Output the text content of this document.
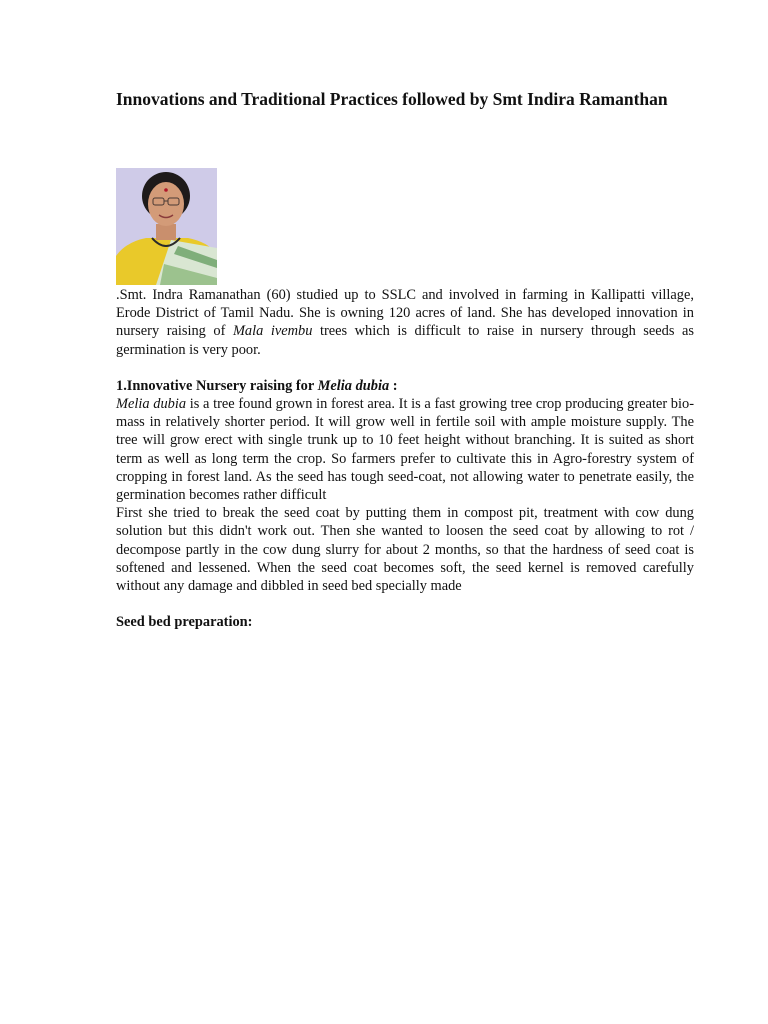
Innovations and Traditional Practices followed by Smt Indira Ramanthan

.Smt. Indra Ramanathan (60) studied up to SSLC and involved in farming in Kallipatti village, Erode District of Tamil Nadu. She is owning 120 acres of land. She has developed innovation in nursery raising of Mala ivembu trees which is difficult to raise in nursery through seeds as germination is very poor.

1.Innovative Nursery raising for Melia dubia :

Melia dubia is a tree found grown in forest area. It is a fast growing tree crop producing greater bio-mass in relatively shorter period. It will grow well in fertile soil with ample moisture supply. The tree will grow erect with single trunk up to 10 feet height without branching. It is suited as short term as well as long term the crop. So farmers prefer to cultivate this in Agro-forestry system of cropping in forest land. As the seed has tough seed-coat, not allowing water to penetrate easily, the germination becomes rather difficult

First she tried to break the seed coat by putting them in compost pit, treatment with cow dung solution but this didn't work out. Then she wanted to loosen the seed coat by allowing to rot / decompose partly in the cow dung slurry for about 2 months, so that the hardness of seed coat is softened and lessened. When the seed coat becomes soft, the seed kernel is removed carefully without any damage and dibbled in seed bed specially made

Seed bed preparation:
